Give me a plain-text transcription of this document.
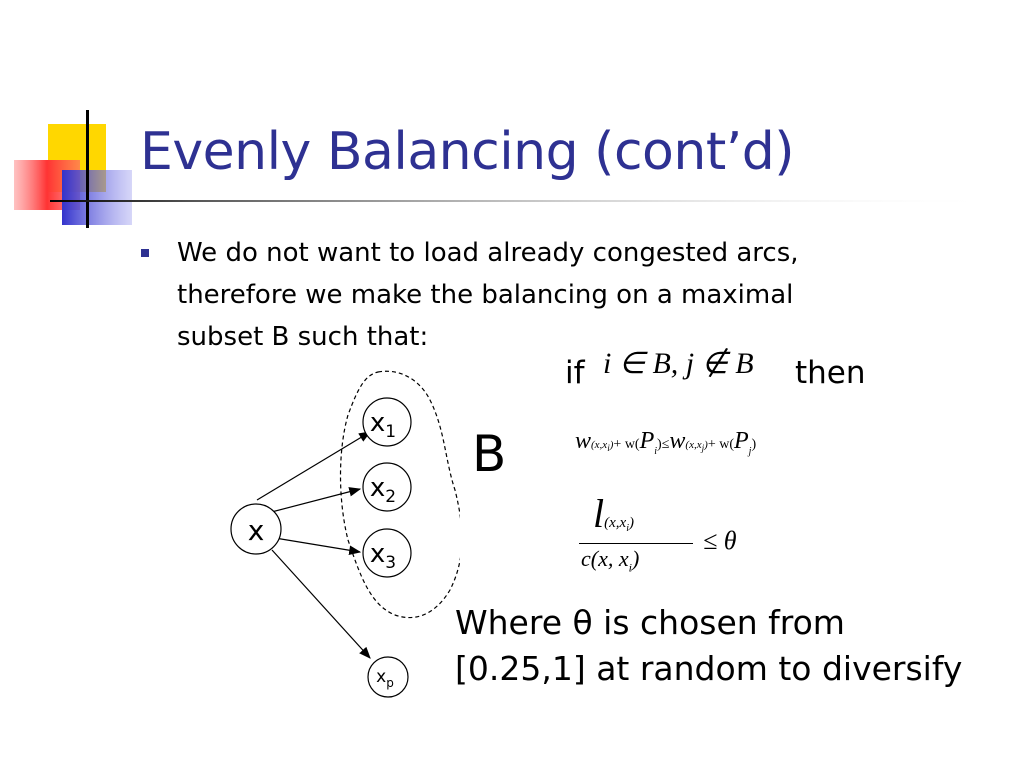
Evenly Balancing (cont’d)
We do not want to load already congested arcs,
therefore we make the balancing on a maximal
subset B such that:
if i ∈ B, j ∉ B then
$w(x,x_i)+ w(P_i)\le w(x,x_j)+ w(P_j)$
$l(x,x_i)$
c(x, $x_i$)
≤ θ
B
x
$x_1$
$x_2$
$x_3$
$x_p$
Where θ is chosen from
[0.25,1] at random to diversify
